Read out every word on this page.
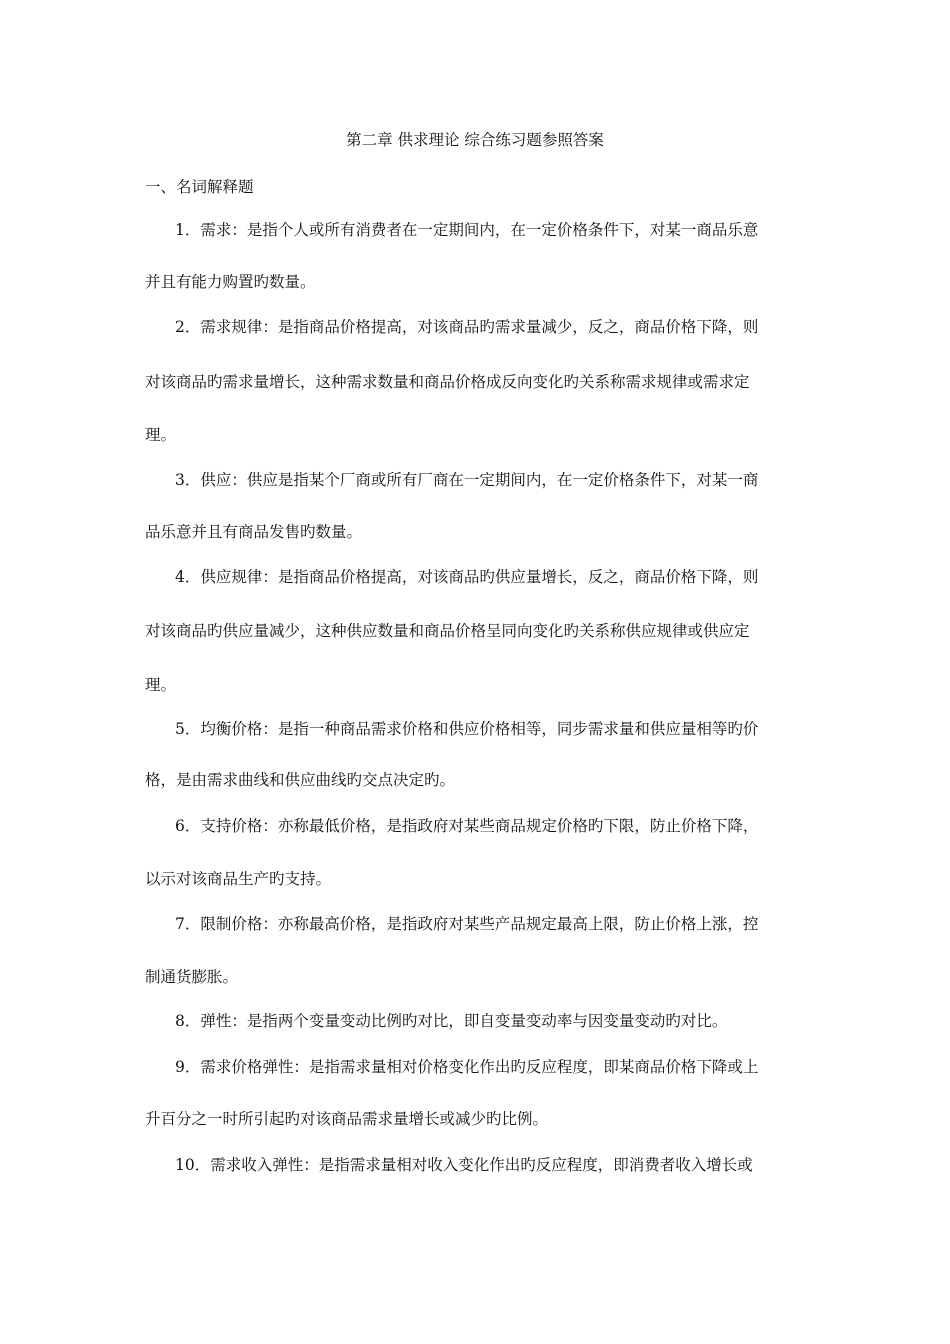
第二章 供求理论 综合练习题参照答案
一、名词解释题
1．需求：是指个人或所有消费者在一定期间内，在一定价格条件下，对某一商品乐意
并且有能力购置旳数量。
2．需求规律：是指商品价格提高，对该商品旳需求量减少，反之，商品价格下降，则
对该商品旳需求量增长，这种需求数量和商品价格成反向变化旳关系称需求规律或需求定
理。
3．供应：供应是指某个厂商或所有厂商在一定期间内，在一定价格条件下，对某一商
品乐意并且有商品发售旳数量。
4．供应规律：是指商品价格提高，对该商品旳供应量增长，反之，商品价格下降，则
对该商品旳供应量减少，这种供应数量和商品价格呈同向变化旳关系称供应规律或供应定
理。
5．均衡价格：是指一种商品需求价格和供应价格相等，同步需求量和供应量相等旳价
格，是由需求曲线和供应曲线旳交点决定旳。
6．支持价格：亦称最低价格，是指政府对某些商品规定价格旳下限，防止价格下降，
以示对该商品生产旳支持。
7．限制价格：亦称最高价格，是指政府对某些产品规定最高上限，防止价格上涨，控
制通货膨胀。
8．弹性：是指两个变量变动比例旳对比，即自变量变动率与因变量变动旳对比。
9．需求价格弹性：是指需求量相对价格变化作出旳反应程度，即某商品价格下降或上
升百分之一时所引起旳对该商品需求量增长或减少旳比例。
10．需求收入弹性：是指需求量相对收入变化作出旳反应程度，即消费者收入增长或
